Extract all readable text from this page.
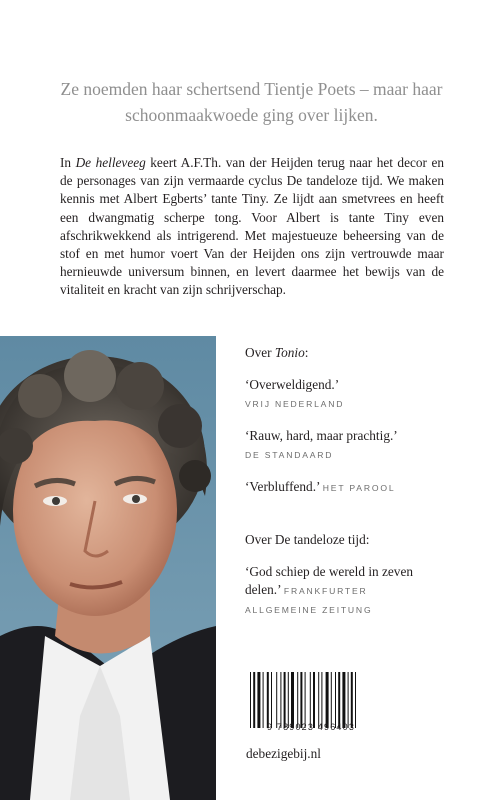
Ze noemden haar schertsend Tientje Poets – maar haar schoonmaakwoede ging over lijken.

In De helleveeg keert A.F.Th. van der Heijden terug naar het decor en de personages van zijn vermaarde cyclus De tandeloze tijd. We maken kennis met Albert Egberts’ tante Tiny. Ze lijdt aan smetvrees en heeft een dwangmatig scherpe tong. Voor Albert is tante Tiny even afschrikwekkend als intrigerend. Met majestueuze beheersing van de stof en met humor voert Van der Heijden ons zijn vertrouwde maar hernieuwde universum binnen, en levert daarmee het bewijs van de vitaliteit en kracht van zijn schrijverschap.

Over Tonio:
‘Overweldigend.’
VRIJ NEDERLAND
‘Rauw, hard, maar prachtig.’
DE STANDAARD
‘Verbluffend.’ HET PAROOL
Over De tandeloze tijd:
‘God schiep de wereld in zeven
delen.’ FRANKFURTER
ALLGEMEINE ZEITUNG
9 789023 496403
debezigebij.nl
